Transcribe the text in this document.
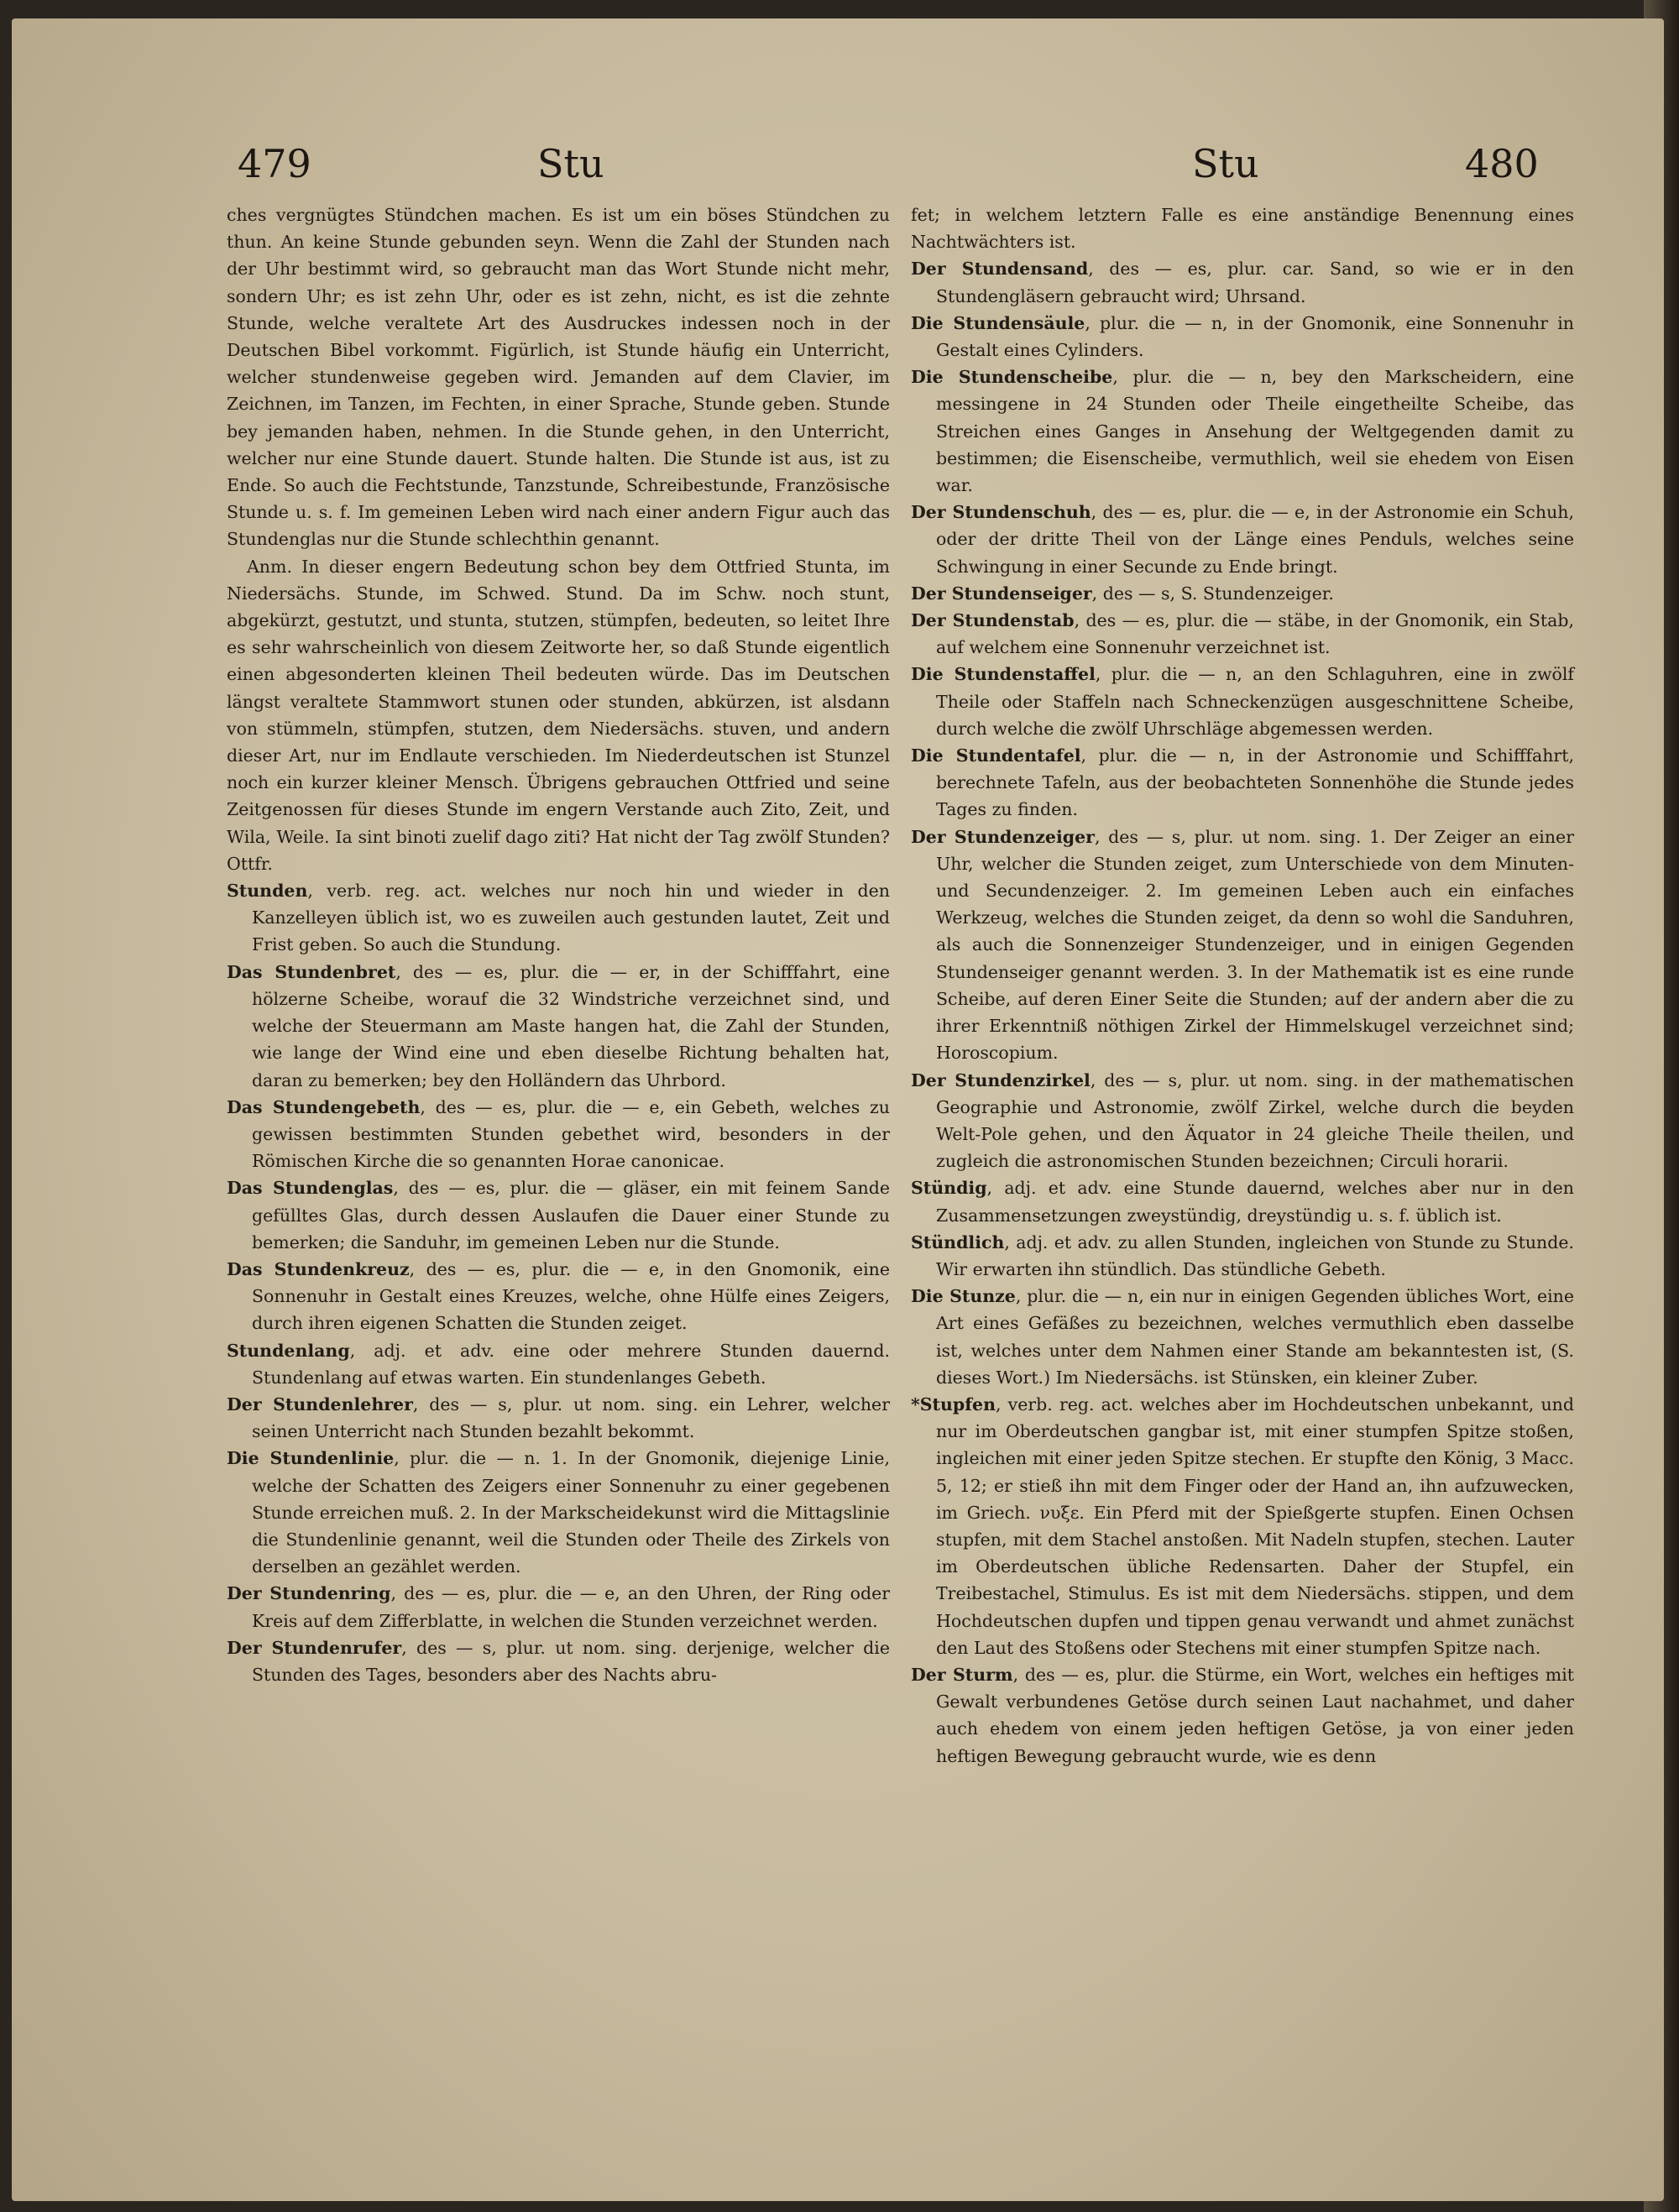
479	Stu	Stu	480

ches vergnügtes Stündchen machen. Es ist um ein böses Stündchen zu thun. An keine Stunde gebunden seyn. Wenn die Zahl der Stunden nach der Uhr bestimmt wird, so gebraucht man das Wort Stunde nicht mehr, sondern Uhr; es ist zehn Uhr, oder es ist zehn, nicht, es ist die zehnte Stunde, welche veraltete Art des Ausdruckes indessen noch in der Deutschen Bibel vorkommt. Figürlich, ist Stunde häufig ein Unterricht, welcher stundenweise gegeben wird. Jemanden auf dem Clavier, im Zeichnen, im Tanzen, im Fechten, in einer Sprache, Stunde geben. Stunde bey jemanden haben, nehmen. In die Stunde gehen, in den Unterricht, welcher nur eine Stunde dauert. Stunde halten. Die Stunde ist aus, ist zu Ende. So auch die Fechtstunde, Tanzstunde, Schreibestunde, Französische Stunde u. s. f. Im gemeinen Leben wird nach einer andern Figur auch das Stundenglas nur die Stunde schlechthin genannt.

Anm. In dieser engern Bedeutung schon bey dem Ottfried Stunta, im Niedersächs. Stunde, im Schwed. Stund. Da im Schw. noch stunt, abgekürzt, gestutzt, und stunta, stutzen, stümpfen, bedeuten, so leitet Ihre es sehr wahrscheinlich von diesem Zeitworte her, so daß Stunde eigentlich einen abgesonderten kleinen Theil bedeuten würde. Das im Deutschen längst veraltete Stammwort stunen oder stunden, abkürzen, ist alsdann von stümmeln, stümpfen, stutzen, dem Niedersächs. stuven, und andern dieser Art, nur im Endlaute verschieden. Im Niederdeutschen ist Stunzel noch ein kurzer kleiner Mensch. Übrigens gebrauchen Ottfried und seine Zeitgenossen für dieses Stunde im engern Verstande auch Zito, Zeit, und Wila, Weile. Ia sint binoti zuelif dago ziti? Hat nicht der Tag zwölf Stunden? Ottfr.

Stunden, verb. reg. act. welches nur noch hin und wieder in den Kanzelleyen üblich ist, wo es zuweilen auch gestunden lautet, Zeit und Frist geben. So auch die Stundung.

Das Stundenbret, des — es, plur. die — er, in der Schifffahrt, eine hölzerne Scheibe, worauf die 32 Windstriche verzeichnet sind, und welche der Steuermann am Maste hangen hat, die Zahl der Stunden, wie lange der Wind eine und eben dieselbe Richtung behalten hat, daran zu bemerken; bey den Holländern das Uhrbord.

Das Stundengebeth, des — es, plur. die — e, ein Gebeth, welches zu gewissen bestimmten Stunden gebethet wird, besonders in der Römischen Kirche die so genannten Horae canonicae.

Das Stundenglas, des — es, plur. die — gläser, ein mit feinem Sande gefülltes Glas, durch dessen Auslaufen die Dauer einer Stunde zu bemerken; die Sanduhr, im gemeinen Leben nur die Stunde.

Das Stundenkreuz, des — es, plur. die — e, in den Gnomonik, eine Sonnenuhr in Gestalt eines Kreuzes, welche, ohne Hülfe eines Zeigers, durch ihren eigenen Schatten die Stunden zeiget.

Stundenlang, adj. et adv. eine oder mehrere Stunden dauernd. Stundenlang auf etwas warten. Ein stundenlanges Gebeth.

Der Stundenlehrer, des — s, plur. ut nom. sing. ein Lehrer, welcher seinen Unterricht nach Stunden bezahlt bekommt.

Die Stundenlinie, plur. die — n. 1. In der Gnomonik, diejenige Linie, welche der Schatten des Zeigers einer Sonnenuhr zu einer gegebenen Stunde erreichen muß. 2. In der Markscheidekunst wird die Mittagslinie die Stundenlinie genannt, weil die Stunden oder Theile des Zirkels von derselben an gezählet werden.

Der Stundenring, des — es, plur. die — e, an den Uhren, der Ring oder Kreis auf dem Zifferblatte, in welchen die Stunden verzeichnet werden.

Der Stundenrufer, des — s, plur. ut nom. sing. derjenige, welcher die Stunden des Tages, besonders aber des Nachts abru-

fet; in welchem letztern Falle es eine anständige Benennung eines Nachtwächters ist.

Der Stundensand, des — es, plur. car. Sand, so wie er in den Stundengläsern gebraucht wird; Uhrsand.

Die Stundensäule, plur. die — n, in der Gnomonik, eine Sonnenuhr in Gestalt eines Cylinders.

Die Stundenscheibe, plur. die — n, bey den Markscheidern, eine messingene in 24 Stunden oder Theile eingetheilte Scheibe, das Streichen eines Ganges in Ansehung der Weltgegenden damit zu bestimmen; die Eisenscheibe, vermuthlich, weil sie ehedem von Eisen war.

Der Stundenschuh, des — es, plur. die — e, in der Astronomie ein Schuh, oder der dritte Theil von der Länge eines Penduls, welches seine Schwingung in einer Secunde zu Ende bringt.

Der Stundenseiger, des — s, S. Stundenzeiger.

Der Stundenstab, des — es, plur. die — stäbe, in der Gnomonik, ein Stab, auf welchem eine Sonnenuhr verzeichnet ist.

Die Stundenstaffel, plur. die — n, an den Schlaguhren, eine in zwölf Theile oder Staffeln nach Schneckenzügen ausgeschnittene Scheibe, durch welche die zwölf Uhrschläge abgemessen werden.

Die Stundentafel, plur. die — n, in der Astronomie und Schifffahrt, berechnete Tafeln, aus der beobachteten Sonnenhöhe die Stunde jedes Tages zu finden.

Der Stundenzeiger, des — s, plur. ut nom. sing. 1. Der Zeiger an einer Uhr, welcher die Stunden zeiget, zum Unterschiede von dem Minuten- und Secundenzeiger. 2. Im gemeinen Leben auch ein einfaches Werkzeug, welches die Stunden zeiget, da denn so wohl die Sanduhren, als auch die Sonnenzeiger Stundenzeiger, und in einigen Gegenden Stundenseiger genannt werden. 3. In der Mathematik ist es eine runde Scheibe, auf deren Einer Seite die Stunden; auf der andern aber die zu ihrer Erkenntniß nöthigen Zirkel der Himmelskugel verzeichnet sind; Horoscopium.

Der Stundenzirkel, des — s, plur. ut nom. sing. in der mathematischen Geographie und Astronomie, zwölf Zirkel, welche durch die beyden Welt-Pole gehen, und den Äquator in 24 gleiche Theile theilen, und zugleich die astronomischen Stunden bezeichnen; Circuli horarii.

Stündig, adj. et adv. eine Stunde dauernd, welches aber nur in den Zusammensetzungen zweystündig, dreystündig u. s. f. üblich ist.

Stündlich, adj. et adv. zu allen Stunden, ingleichen von Stunde zu Stunde. Wir erwarten ihn stündlich. Das stündliche Gebeth.

Die Stunze, plur. die — n, ein nur in einigen Gegenden übliches Wort, eine Art eines Gefäßes zu bezeichnen, welches vermuthlich eben dasselbe ist, welches unter dem Nahmen einer Stande am bekanntesten ist, (S. dieses Wort.) Im Niedersächs. ist Stünsken, ein kleiner Zuber.

*Stupfen, verb. reg. act. welches aber im Hochdeutschen unbekannt, und nur im Oberdeutschen gangbar ist, mit einer stumpfen Spitze stoßen, ingleichen mit einer jeden Spitze stechen. Er stupfte den König, 3 Macc. 5, 12; er stieß ihn mit dem Finger oder der Hand an, ihn aufzuwecken, im Griech. νυξε. Ein Pferd mit der Spießgerte stupfen. Einen Ochsen stupfen, mit dem Stachel anstoßen. Mit Nadeln stupfen, stechen. Lauter im Oberdeutschen übliche Redensarten. Daher der Stupfel, ein Treibestachel, Stimulus. Es ist mit dem Niedersächs. stippen, und dem Hochdeutschen dupfen und tippen genau verwandt und ahmet zunächst den Laut des Stoßens oder Stechens mit einer stumpfen Spitze nach.

Der Sturm, des — es, plur. die Stürme, ein Wort, welches ein heftiges mit Gewalt verbundenes Getöse durch seinen Laut nachahmet, und daher auch ehedem von einem jeden heftigen Getöse, ja von einer jeden heftigen Bewegung gebraucht wurde, wie es denn
